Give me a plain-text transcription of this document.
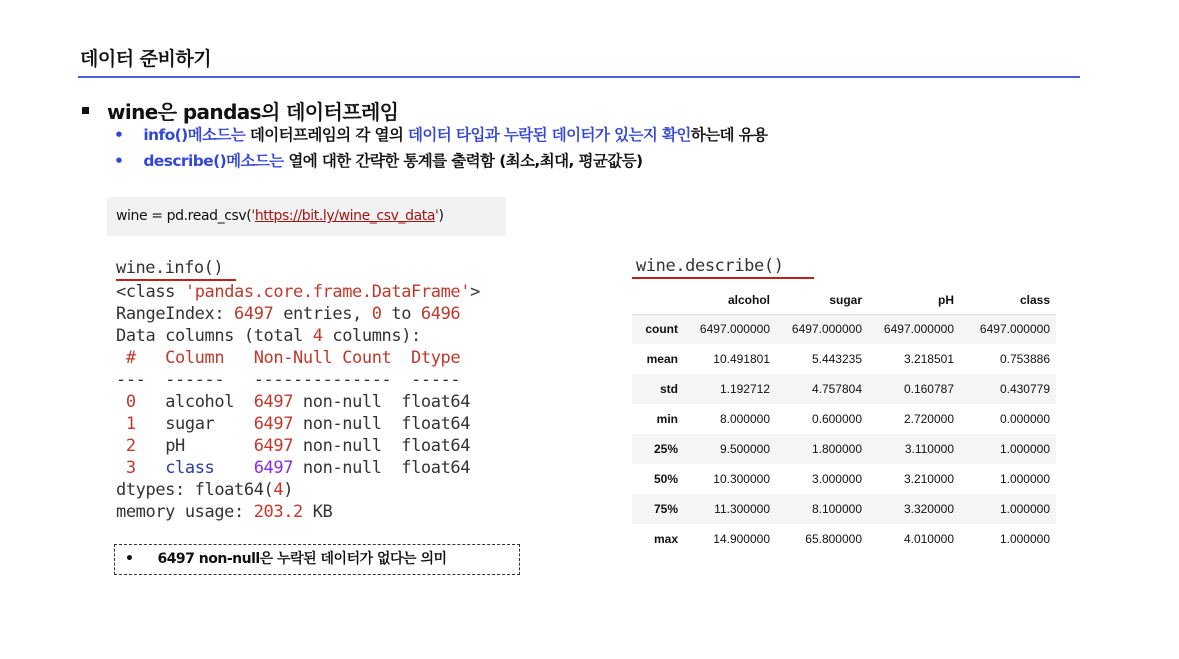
데이터 준비하기
wine은 pandas의 데이터프레임
• info()메소드는 데이터프레임의 각 열의 데이터 타입과 누락된 데이터가 있는지 확인하는데 유용
• describe()메소드는 열에 대한 간략한 통계를 출력함 (최소,최대, 평균값등)
wine = pd.read_csv('https://bit.ly/wine_csv_data')
wine.info()
<class 'pandas.core.frame.DataFrame'>
RangeIndex: 6497 entries, 0 to 6496
Data columns (total 4 columns):
#   Column   Non-Null Count  Dtype
---  ------   --------------  -----
0 alcohol 6497 non-null float64
1 sugar 6497 non-null float64
2 pH	6497 non-null float64
3 class 6497 non-null float64
dtypes: float64(4)
memory usage: 203.2 KB
• 6497 non-null은 누락된 데이터가 없다는 의미
wine.describe()
	alcohol	sugar	pH	class
count	6497.000000	6497.000000	6497.000000	6497.000000
mean	10.491801	5.443235	3.218501	0.753886
std	1.192712	4.757804	0.160787	0.430779
min	8.000000	0.600000	2.720000	0.000000
25%	9.500000	1.800000	3.110000	1.000000
50%	10.300000	3.000000	3.210000	1.000000
75%	11.300000	8.100000	3.320000	1.000000
max	14.900000	65.800000	4.010000	1.000000
